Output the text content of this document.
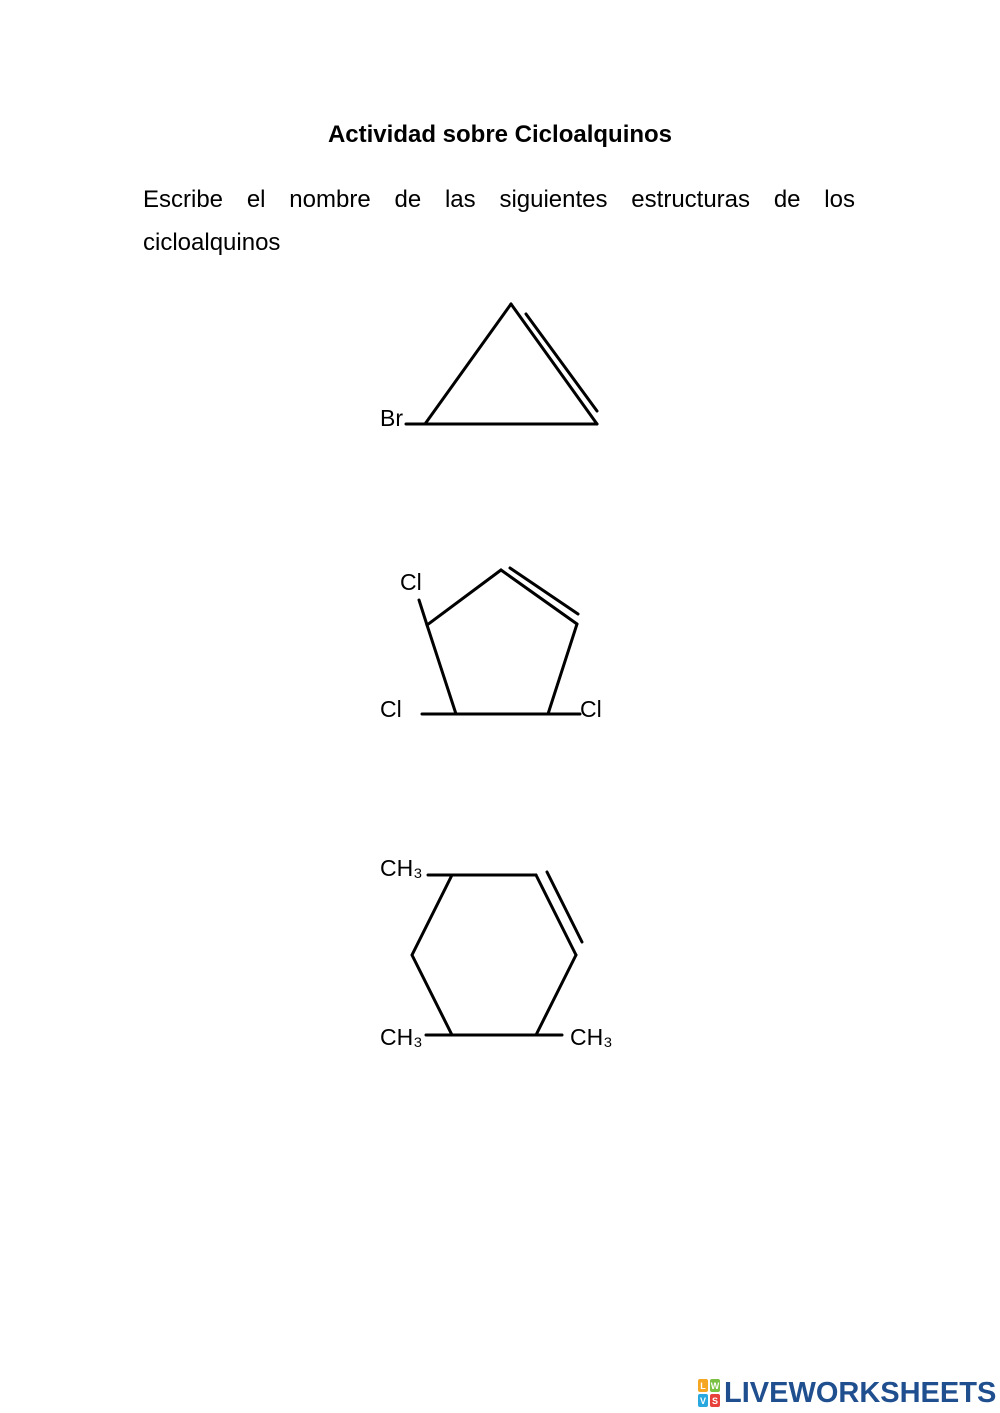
Actividad sobre Cicloalquinos
Escribe el nombre de las siguientes estructuras de los cicloalquinos
Br
Cl
Cl	Cl
CH₃
CH₃	CH₃
L W
V S LIVEWORKSHEETS
